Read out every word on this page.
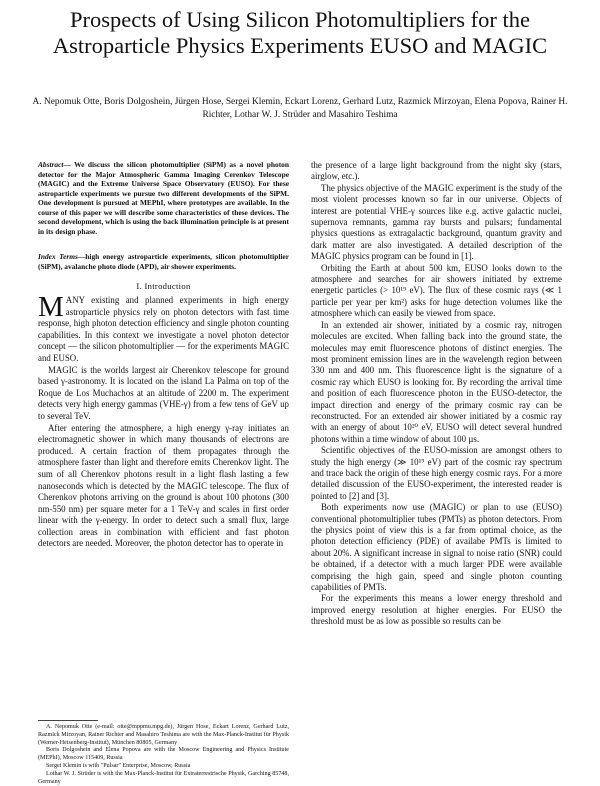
Prospects of Using Silicon Photomultipliers for the Astroparticle Physics Experiments EUSO and MAGIC
A. Nepomuk Otte, Boris Dolgoshein, Jürgen Hose, Sergei Klemin, Eckart Lorenz, Gerhard Lutz, Razmick Mirzoyan, Elena Popova, Rainer H. Richter, Lothar W. J. Strüder and Masahiro Teshima
Abstract— We discuss the silicon photomultiplier (SiPM) as a novel photon detector for the Major Atmospheric Gamma Imaging Cerenkov Telescope (MAGIC) and the Extreme Universe Space Observatory (EUSO). For these astroparticle experiments we pursue two different developments of the SiPM. One development is pursued at MEPhI, where prototypes are available. In the course of this paper we will describe some characteristics of these devices. The second development, which is using the back illumination principle is at present in its design phase.
Index Terms—high energy astroparticle experiments, silicon photomultiplier (SiPM), avalanche photo diode (APD), air shower experiments.
I. Introduction

MANY existing and planned experiments in high energy astroparticle physics rely on photon detectors with fast time response, high photon detection efficiency and single photon counting capabilities. In this context we investigate a novel photon detector concept — the silicon photomultiplier — for the experiments MAGIC and EUSO.

MAGIC is the worlds largest air Cherenkov telescope for ground based γ-astronomy. It is located on the island La Palma on top of the Roque de Los Muchachos at an altitude of 2200 m. The experiment detects very high energy gammas (VHE-γ) from a few tens of GeV up to several TeV.

After entering the atmosphere, a high energy γ-ray initiates an electromagnetic shower in which many thousands of electrons are produced. A certain fraction of them propagates through the atmosphere faster than light and therefore emits Cherenkov light. The sum of all Cherenkov photons result in a light flash lasting a few nanoseconds which is detected by the MAGIC telescope. The flux of Cherenkov photons arriving on the ground is about 100 photons (300 nm-550 nm) per square meter for a 1 TeV-γ and scales in first order linear with the γ-energy. In order to detect such a small flux, large collection areas in combination with efficient and fast photon detectors are needed. Moreover, the photon detector has to operate in

A. Nepomuk Otte (e-mail: otte@mppmu.mpg.de), Jürgen Hose, Eckart Lorenz, Gerhard Lutz, Razmick Mirzoyan, Rainer Richter and Masahiro Teshima are with the Max-Planck-Institut für Physik (Werner-Heisenberg-Institut), München 80805, Germany

Boris Dolgoshein and Elena Popova are with the Moscow Engineering and Physics Institute (MEPhI), Moscow 115409, Russia

Sergei Klemin is with "Pulsar" Enterprise, Moscow, Russia

Lothar W. J. Strüder is with the Max-Planck-Institut für Extraterrestrische Physik, Garching 85748, Germany

the presence of a large light background from the night sky (stars, airglow, etc.).

The physics objective of the MAGIC experiment is the study of the most violent processes known so far in our universe. Objects of interest are potential VHE-γ sources like e.g. active galactic nuclei, supernova remnants, gamma ray bursts and pulsars; fundamental physics questions as extragalactic background, quantum gravity and dark matter are also investigated. A detailed description of the MAGIC physics program can be found in [1].

Orbiting the Earth at about 500 km, EUSO looks down to the atmosphere and searches for air showers initiated by extreme energetic particles (> 10¹⁹ eV). The flux of these cosmic rays (≪ 1 particle per year per km²) asks for huge detection volumes like the atmosphere which can easily be viewed from space.

In an extended air shower, initiated by a cosmic ray, nitrogen molecules are excited. When falling back into the ground state, the molecules may emit fluorescence photons of distinct energies. The most prominent emission lines are in the wavelength region between 330 nm and 400 nm. This fluorescence light is the signature of a cosmic ray which EUSO is looking for. By recording the arrival time and position of each fluorescence photon in the EUSO-detector, the impact direction and energy of the primary cosmic ray can be reconstructed. For an extended air shower initiated by a cosmic ray with an energy of about 10²⁰ eV, EUSO will detect several hundred photons within a time window of about 100 µs.

Scientific objectives of the EUSO-mission are amongst others to study the high energy (≫ 10¹⁹ eV) part of the cosmic ray spectrum and trace back the origin of these high energy cosmic rays. For a more detailed discussion of the EUSO-experiment, the interested reader is pointed to [2] and [3].

Both experiments now use (MAGIC) or plan to use (EUSO) conventional photomultiplier tubes (PMTs) as photon detectors. From the physics point of view this is a far from optimal choice, as the photon detection efficiency (PDE) of availabe PMTs is limited to about 20%. A significant increase in signal to noise ratio (SNR) could be obtained, if a detector with a much larger PDE were available comprising the high gain, speed and single photon counting capabilities of PMTs.

For the experiments this means a lower energy threshold and improved energy resolution at higher energies. For EUSO the threshold must be as low as possible so results can be
